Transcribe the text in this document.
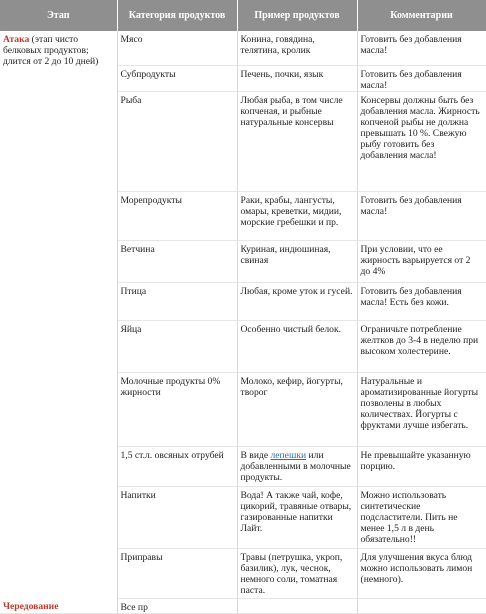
Этап	Категория продуктов	Пример продуктов	Комментарии
Атака (этап чисто белковых продуктов; длится от 2 до 10 дней)	Мясо	Конина, говядина, телятина, кролик	Готовить без добавления масла!
	Субпродукты	Печень, почки, язык	Готовить без добавления масла!
	Рыба	Любая рыба, в том числе копченая, и рыбные натуральные консервы	Консервы должны быть без добавления масла. Жирность копченой рыбы не должна превышать 10 %. Свежую рыбу готовить без добавления масла!
	Морепродукты	Раки, крабы, лангусты, омары, креветки, мидии, морские гребешки и пр.	Готовить без добавления масла!
	Ветчина	Куриная, индюшиная, свиная	При условии, что ее жирность варьируется от 2 до 4%
	Птица	Любая, кроме уток и гусей.	Готовить без добавления масла! Есть без кожи.
	Яйца	Особенно чистый белок.	Ограничьте потребление желтков до 3-4 в неделю при высоком холестерине.
	Молочные продукты 0% жирности	Молоко, кефир, йогурты, творог	Натуральные и ароматизированные йогурты позволены в любых количествах. Йогурты с фруктами лучше избегать.
	1,5 ст.л. овсяных отрубей	В виде лепешки или добавленными в молочные продукты.	Не превышайте указанную порцию.
	Напитки	Вода! А также чай, кофе, цикорий, травяные отвары, газированные напитки Лайт.	Можно использовать синтетические подсластители. Пить не менее 1,5 л в день обязательно!!
	Приправы	Травы (петрушка, укроп, базилик), лук, чеснок, немного соли, томатная паста.	Для улучшения вкуса блюд можно использовать лимон (немного).
Чередование	Все пр		
